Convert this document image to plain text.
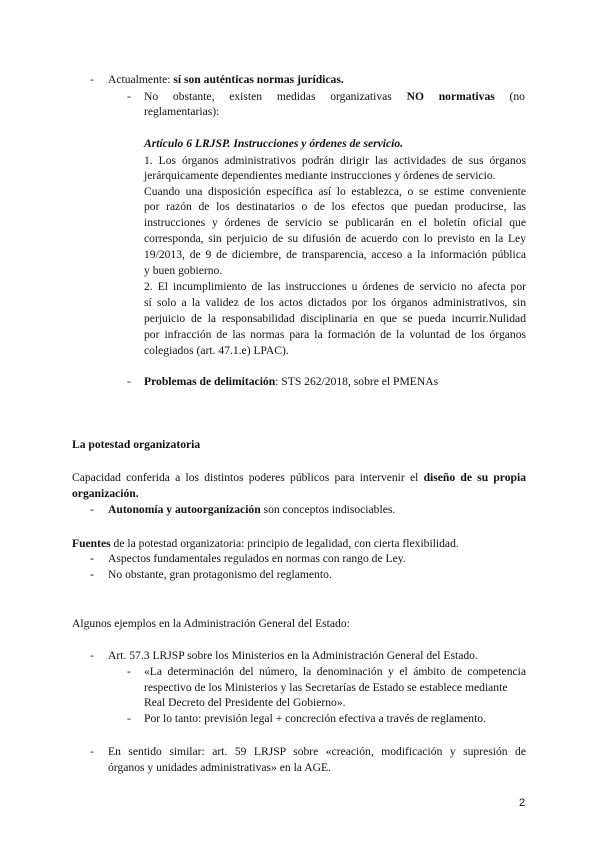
- Actualmente: sí son auténticas normas jurídicas.
- No obstante, existen medidas organizativas NO normativas (no
reglamentarias):
Artículo 6 LRJSP. Instrucciones y órdenes de servicio.
1. Los órganos administrativos podrán dirigir las actividades de sus órganos
jerárquicamente dependientes mediante instrucciones y órdenes de servicio.
Cuando una disposición específica así lo establezca, o se estime conveniente
por razón de los destinatarios o de los efectos que puedan producirse, las
instrucciones y órdenes de servicio se publicarán en el boletín oficial que
corresponda, sin perjuicio de su difusión de acuerdo con lo previsto en la Ley
19/2013, de 9 de diciembre, de transparencia, acceso a la información pública
y buen gobierno.
2. El incumplimiento de las instrucciones u órdenes de servicio no afecta por
sí solo a la validez de los actos dictados por los órganos administrativos, sin
perjuicio de la responsabilidad disciplinaria en que se pueda incurrir.Nulidad
por infracción de las normas para la formación de la voluntad de los órganos
colegiados (art. 47.1.e) LPAC).
- Problemas de delimitación: STS 262/2018, sobre el PMENAs
La potestad organizatoria
Capacidad conferida a los distintos poderes públicos para intervenir el diseño de su propia
organización.
- Autonomía y autoorganización son conceptos indisociables.
Fuentes de la potestad organizatoria: principio de legalidad, con cierta flexibilidad.
- Aspectos fundamentales regulados en normas con rango de Ley.
- No obstante, gran protagonismo del reglamento.
Algunos ejemplos en la Administración General del Estado:
- Art. 57.3 LRJSP sobre los Ministerios en la Administración General del Estado.
- «La determinación del número, la denominación y el ámbito de competencia
respectivo de los Ministerios y las Secretarías de Estado se establece mediante
Real Decreto del Presidente del Gobierno».
- Por lo tanto: previsión legal + concreción efectiva a través de reglamento.
- En sentido similar: art. 59 LRJSP sobre «creación, modificación y supresión de
órganos y unidades administrativas» en la AGE.
2
